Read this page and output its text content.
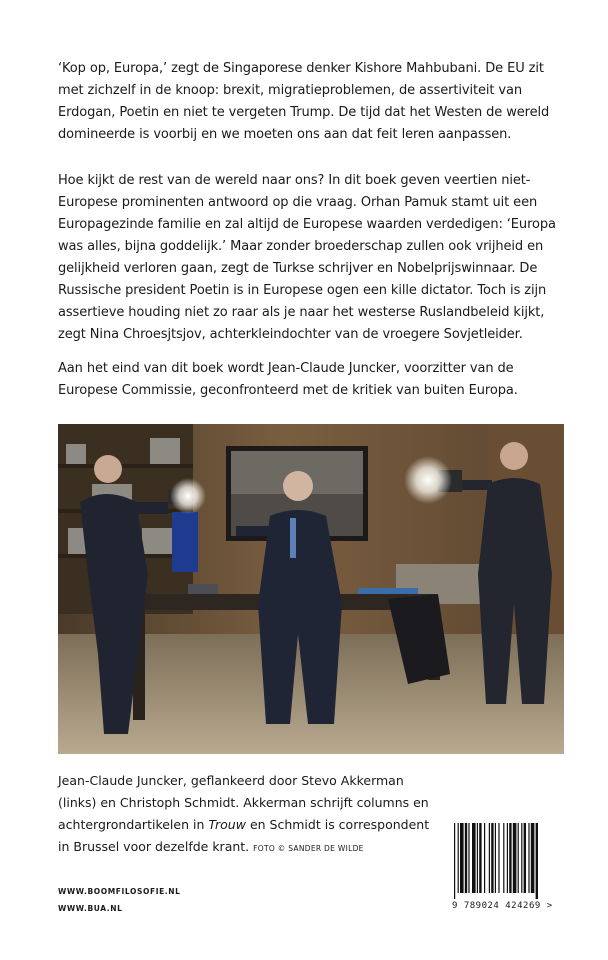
‘Kop op, Europa,’ zegt de Singaporese denker Kishore Mahbubani. De EU zit met zichzelf in de knoop: brexit, migratieproblemen, de assertiviteit van Erdogan, Poetin en niet te vergeten Trump. De tijd dat het Westen de wereld domineerde is voorbij en we moeten ons aan dat feit leren aanpassen.

Hoe kijkt de rest van de wereld naar ons? In dit boek geven veertien niet-Europese prominenten antwoord op die vraag. Orhan Pamuk stamt uit een Europagezinde familie en zal altijd de Europese waarden verdedigen: ‘Europa was alles, bijna goddelijk.’ Maar zonder broederschap zullen ook vrijheid en gelijkheid verloren gaan, zegt de Turkse schrijver en Nobelprijswinnaar. De Russische president Poetin is in Europese ogen een kille dictator. Toch is zijn assertieve houding niet zo raar als je naar het westerse Ruslandbeleid kijkt, zegt Nina Chroesjtsjov, achterkleindochter van de vroegere Sovjetleider.

Aan het eind van dit boek wordt Jean-Claude Juncker, voorzitter van de Europese Commissie, geconfronteerd met de kritiek van buiten Europa.

Jean-Claude Juncker, geflankeerd door Stevo Akkerman (links) en Christoph Schmidt. Akkerman schrijft columns en achtergrondartikelen in Trouw en Schmidt is correspondent in Brussel voor dezelfde krant. FOTO © SANDER DE WILDE

WWW.BOOMFILOSOFIE.NL
WWW.BUA.NL	9 789024 424269 >
